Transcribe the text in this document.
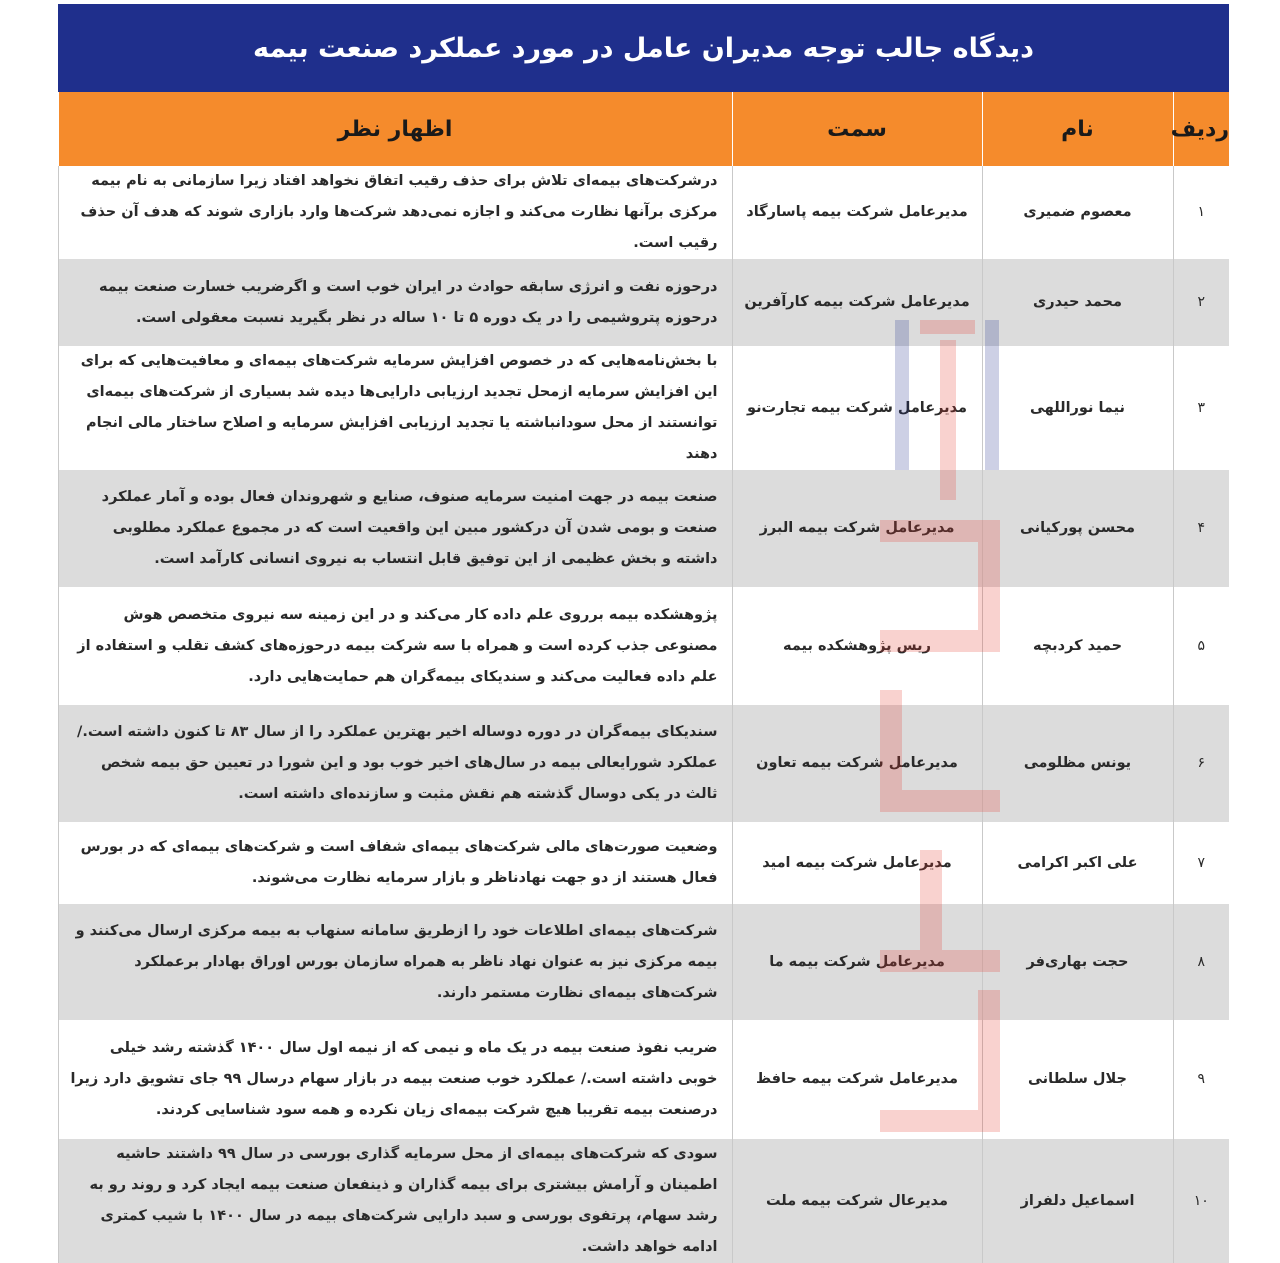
دیدگاه جالب توجه مدیران عامل در مورد عملکرد صنعت بیمه
ردیف	نام	سمت	اظهار نظر
۱	معصوم ضمیری	مدیرعامل شرکت بیمه پاسارگاد	درشرکت‌های بیمه‌ای تلاش برای حذف رقیب اتفاق نخواهد افتاد زیرا سازمانی به نام بیمه مرکزی برآنها نظارت می‌کند و اجازه نمی‌دهد شرکت‌ها وارد بازاری شوند که هدف آن حذف رقیب است.
۲	محمد حیدری	مدیرعامل شرکت بیمه کارآفرین	درحوزه نفت و انرژی سابقه حوادث در ایران خوب است و اگرضریب خسارت صنعت بیمه درحوزه پتروشیمی را در یک دوره ۵ تا ۱۰ ساله در نظر بگیرید نسبت معقولی است.
۳	نیما نوراللهی	مدیرعامل شرکت بیمه تجارت‌نو	با بخش‌نامه‌هایی که در خصوص افزایش سرمایه شرکت‌های بیمه‌ای و معافیت‌هایی که برای این افزایش سرمایه ازمحل تجدید ارزیابی دارایی‌ها دیده شد بسیاری از شرکت‌های بیمه‌ای توانستند از محل سودانباشته یا تجدید ارزیابی افزایش سرمایه و اصلاح ساختار مالی انجام دهند
۴	محسن پورکیانی	مدیرعامل شرکت بیمه البرز	صنعت بیمه در جهت امنیت سرمایه صنوف، صنایع و شهروندان فعال بوده و آمار عملکرد صنعت و بومی شدن آن درکشور مبین این واقعیت است که در مجموع عملکرد مطلوبی داشته و بخش عظیمی از این توفیق قابل انتساب به نیروی انسانی کارآمد است.
۵	حمید کردبچه	ریس پژوهشکده بیمه	پژوهشکده بیمه برروی علم داده کار می‌کند و در این زمینه سه نیروی متخصص هوش مصنوعی جذب کرده است و همراه با سه شرکت بیمه درحوزه‌های کشف تقلب و استفاده از علم داده فعالیت می‌کند و سندیکای بیمه‌گران هم حمایت‌هایی دارد.
۶	یونس مظلومی	مدیرعامل شرکت بیمه تعاون	سندیکای بیمه‌گران در دوره دوساله اخیر بهترین عملکرد را از سال ۸۳ تا کنون داشته است./ عملکرد شورایعالی بیمه در سال‌های اخیر خوب بود و این شورا در تعیین حق بیمه شخص ثالث در یکی دوسال گذشته هم نقش مثبت و سازنده‌ای داشته است.
۷	علی اکبر اکرامی	مدیرعامل شرکت بیمه امید	وضعیت صورت‌های مالی شرکت‌های بیمه‌ای شفاف است و شرکت‌های بیمه‌ای که در بورس فعال هستند از دو جهت نهادناظر و بازار سرمایه نظارت می‌شوند.
۸	حجت بهاری‌فر	مدیرعامل شرکت بیمه ما	شرکت‌های بیمه‌ای اطلاعات خود را ازطریق سامانه سنهاب به بیمه مرکزی ارسال می‌کنند و بیمه مرکزی نیز به عنوان نهاد ناظر به همراه سازمان بورس اوراق بهادار برعملکرد شرکت‌های بیمه‌ای نظارت مستمر دارند.
۹	جلال سلطانی	مدیرعامل شرکت بیمه حافظ	ضریب نفوذ صنعت بیمه در یک ماه و نیمی که از نیمه اول سال ۱۴۰۰ گذشته رشد خیلی خوبی داشته است./ عملکرد خوب صنعت بیمه در بازار سهام درسال ۹۹ جای تشویق دارد زیرا درصنعت بیمه تقریبا هیچ شرکت بیمه‌ای زیان نکرده و همه سود شناسایی کردند.
۱۰	اسماعیل دلفراز	مدیرعال شرکت بیمه ملت	سودی که شرکت‌های بیمه‌ای از محل سرمایه گذاری بورسی در سال ۹۹ داشتند حاشیه اطمینان و آرامش بیشتری برای بیمه گذاران و ذینفعان صنعت بیمه ایجاد کرد و روند رو به رشد سهام، پرتفوی بورسی و سبد دارایی شرکت‌های بیمه در سال ۱۴۰۰ با شیب کمتری ادامه خواهد داشت.
